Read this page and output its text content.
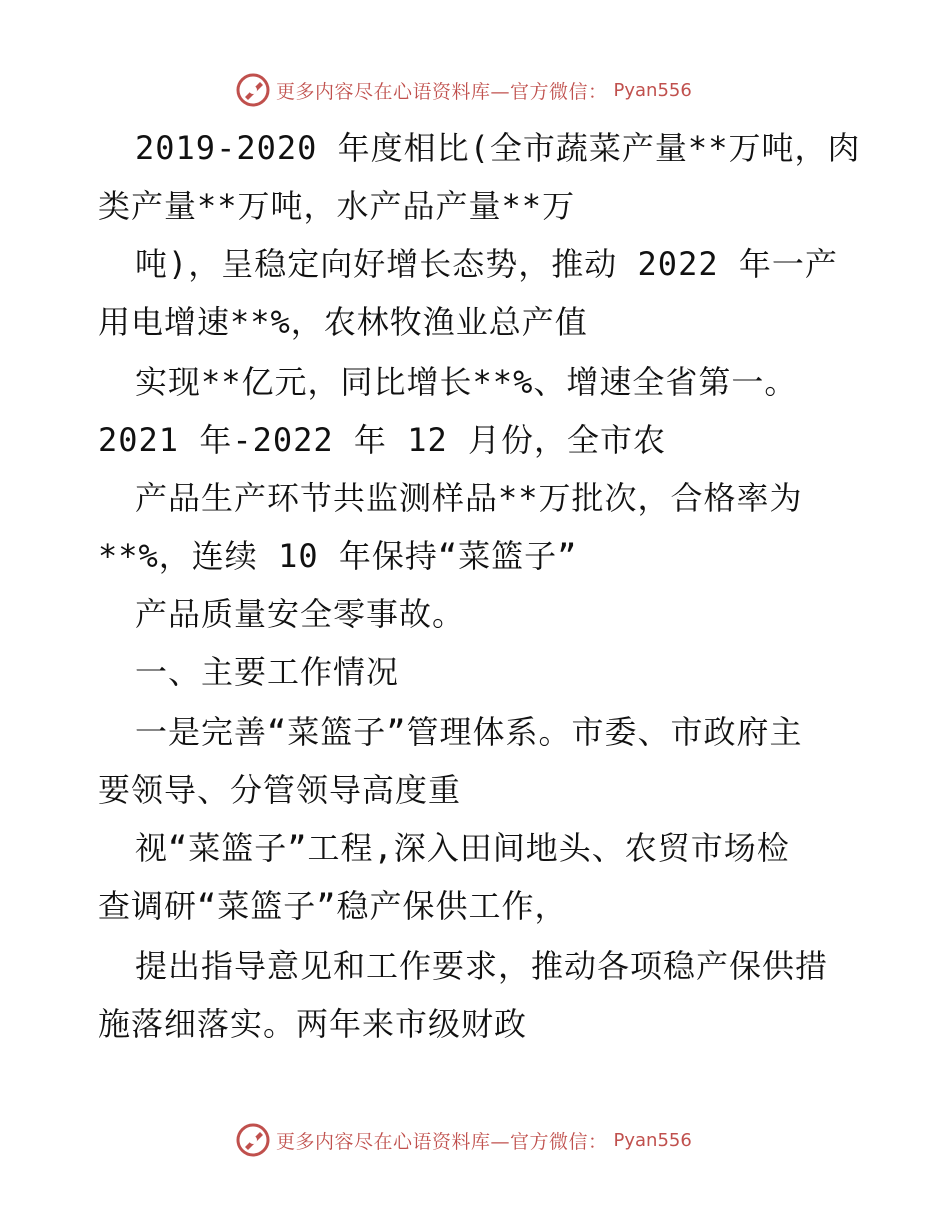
更多内容尽在心语资料库—官方微信： Pyan556
2019-2020 年度相比(全市蔬菜产量**万吨，肉
类产量**万吨，水产品产量**万
吨)，呈稳定向好增长态势，推动 2022 年一产
用电增速**%，农林牧渔业总产值
实现**亿元，同比增长**%、增速全省第一。
2021 年-2022 年 12 月份，全市农
产品生产环节共监测样品**万批次，合格率为
**%，连续 10 年保持“菜篮子”
产品质量安全零事故。
一、主要工作情况
一是完善“菜篮子”管理体系。市委、市政府主
要领导、分管领导高度重
视“菜篮子”工程,深入田间地头、农贸市场检
查调研“菜篮子”稳产保供工作，
提出指导意见和工作要求，推动各项稳产保供措
施落细落实。两年来市级财政
更多内容尽在心语资料库—官方微信： Pyan556
